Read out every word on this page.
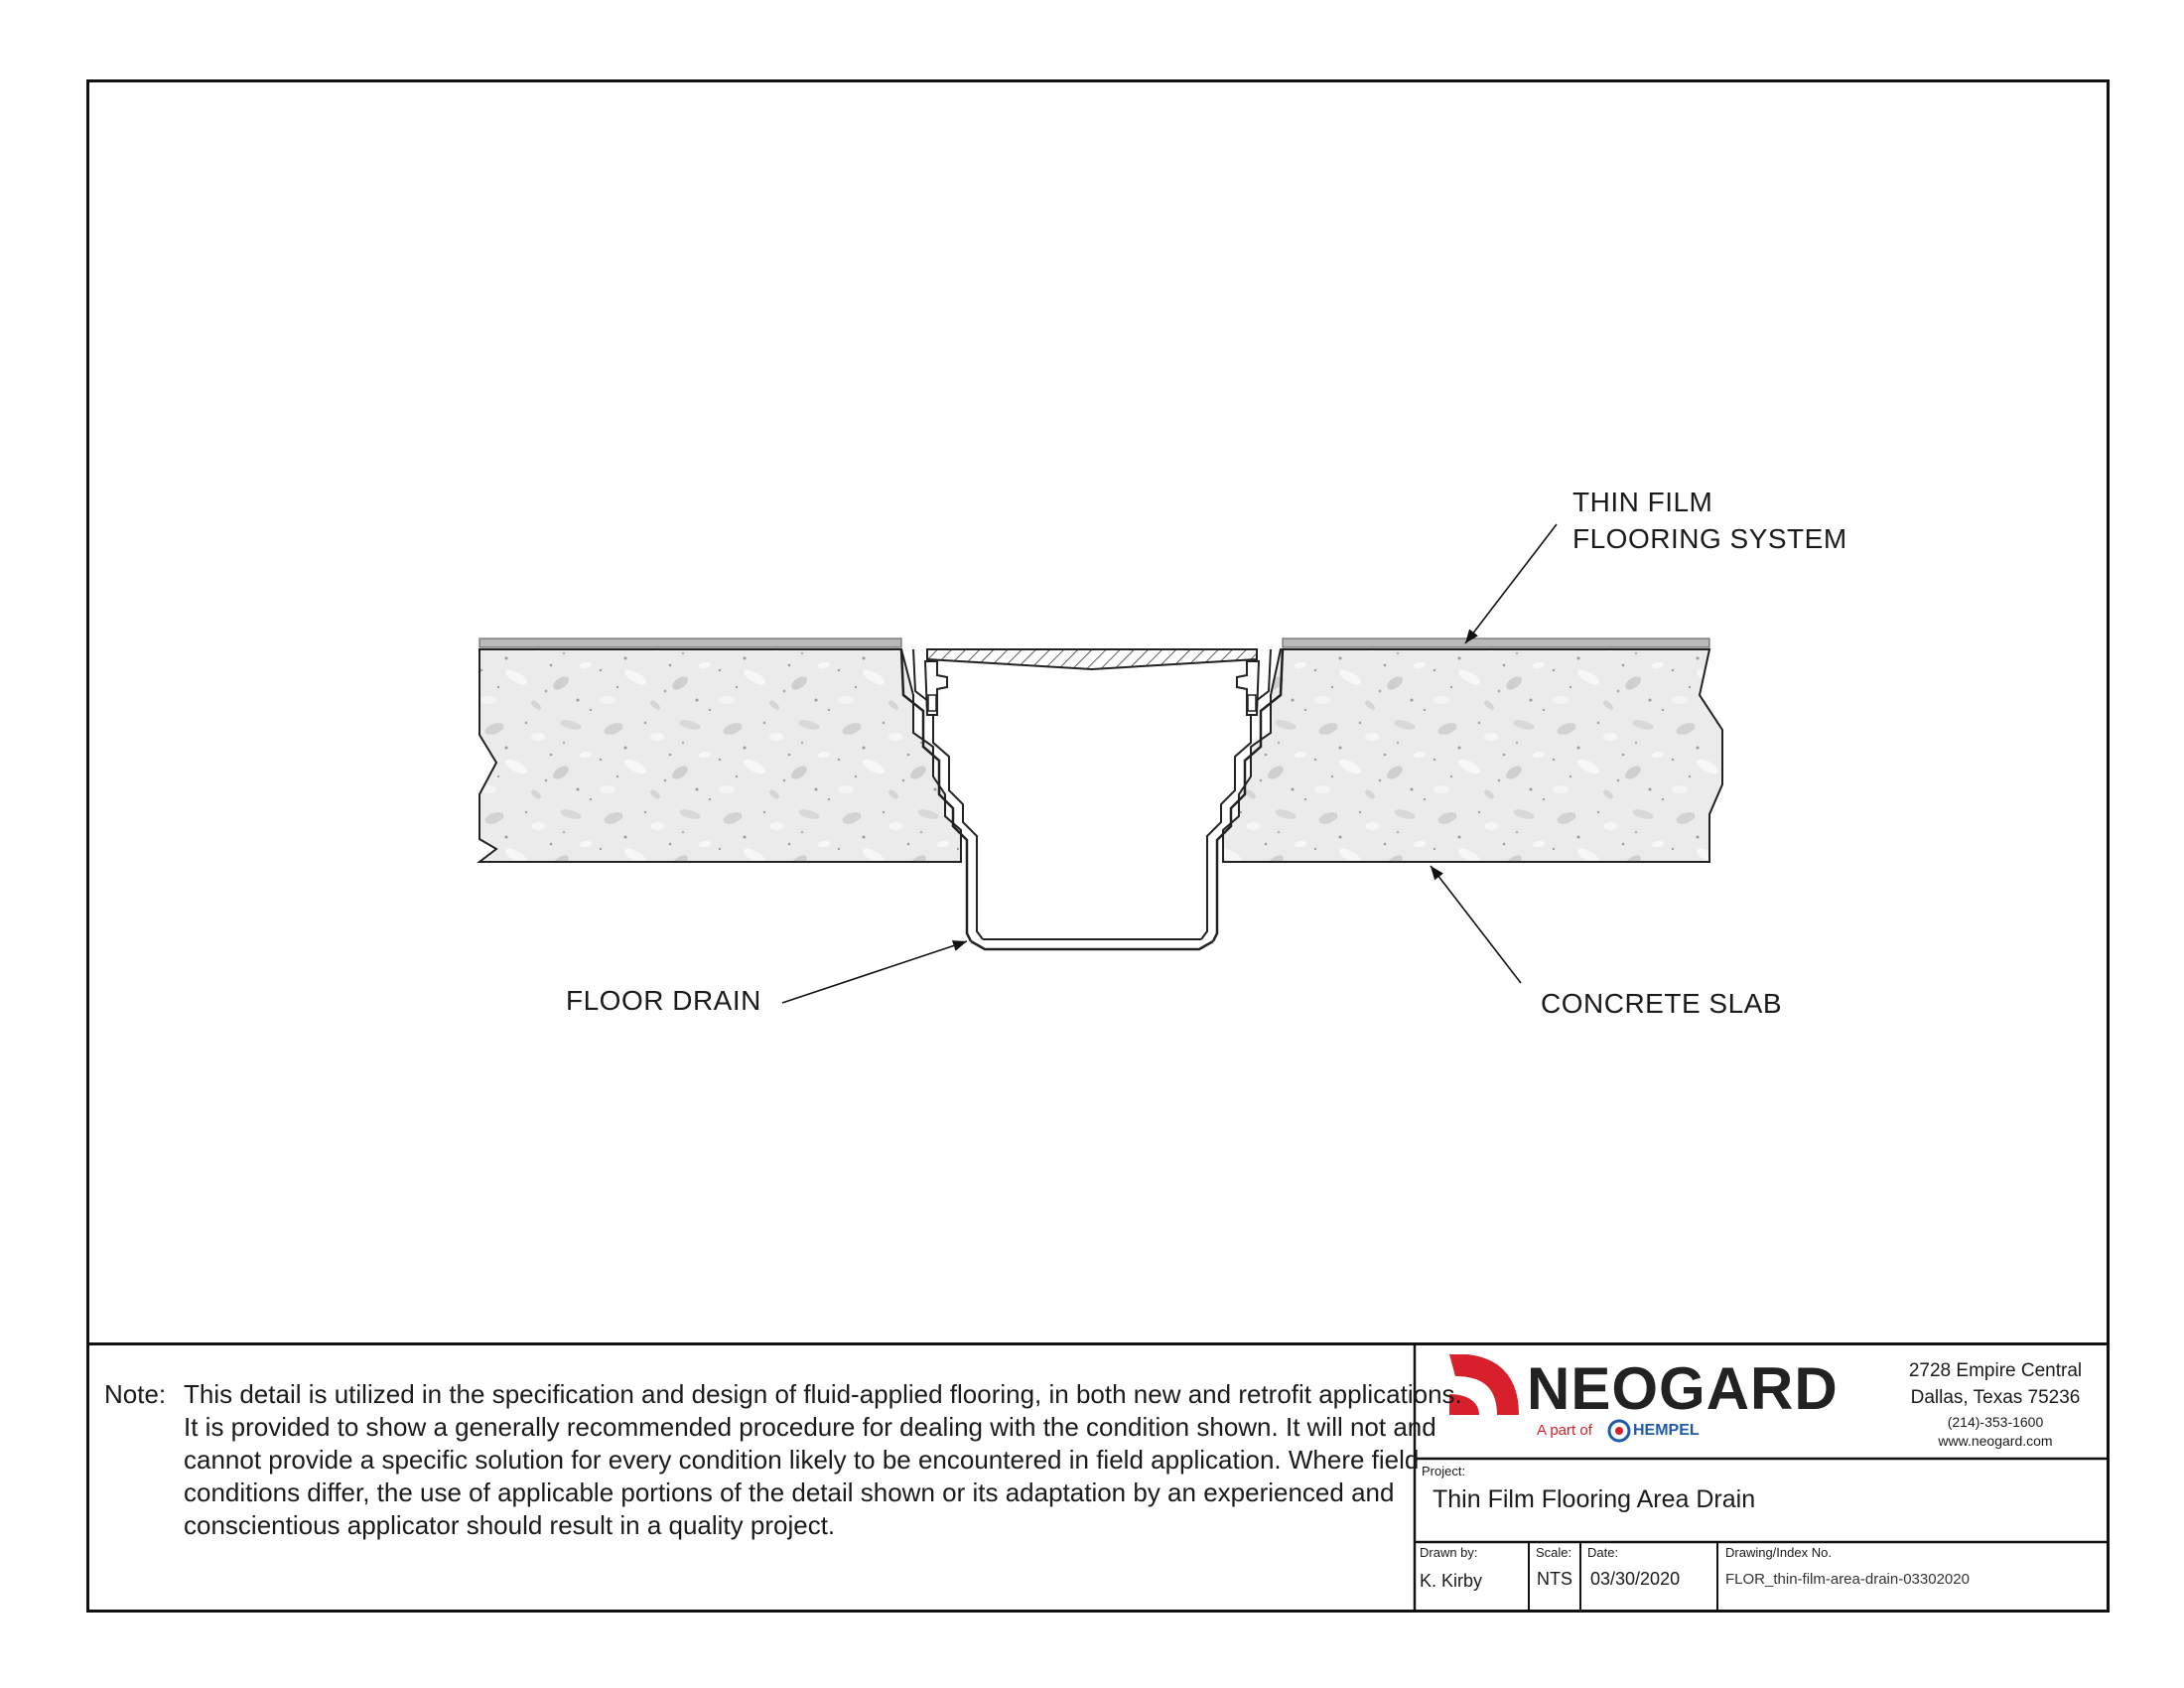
THIN FILM
FLOORING SYSTEM
FLOOR DRAIN	CONCRETE SLAB
Note: This detail is utilized in the specification and design of fluid-applied flooring, in both new and retrofit applications. It is provided to show a generally recommended procedure for dealing with the condition shown. It will not and cannot provide a specific solution for every condition likely to be encountered in field application. Where field conditions differ, the use of applicable portions of the detail shown or its adaptation by an experienced and conscientious applicator should result in a quality project.
NEOGARD
A part of	HEMPEL
2728 Empire Central
Dallas, Texas 75236
(214)-353-1600
www.neogard.com
Project:
Thin Film Flooring Area Drain
Drawn by:
K. Kirby
Scale:
NTS
Date:
03/30/2020
Drawing/Index No.
FLOR_thin-film-area-drain-03302020
